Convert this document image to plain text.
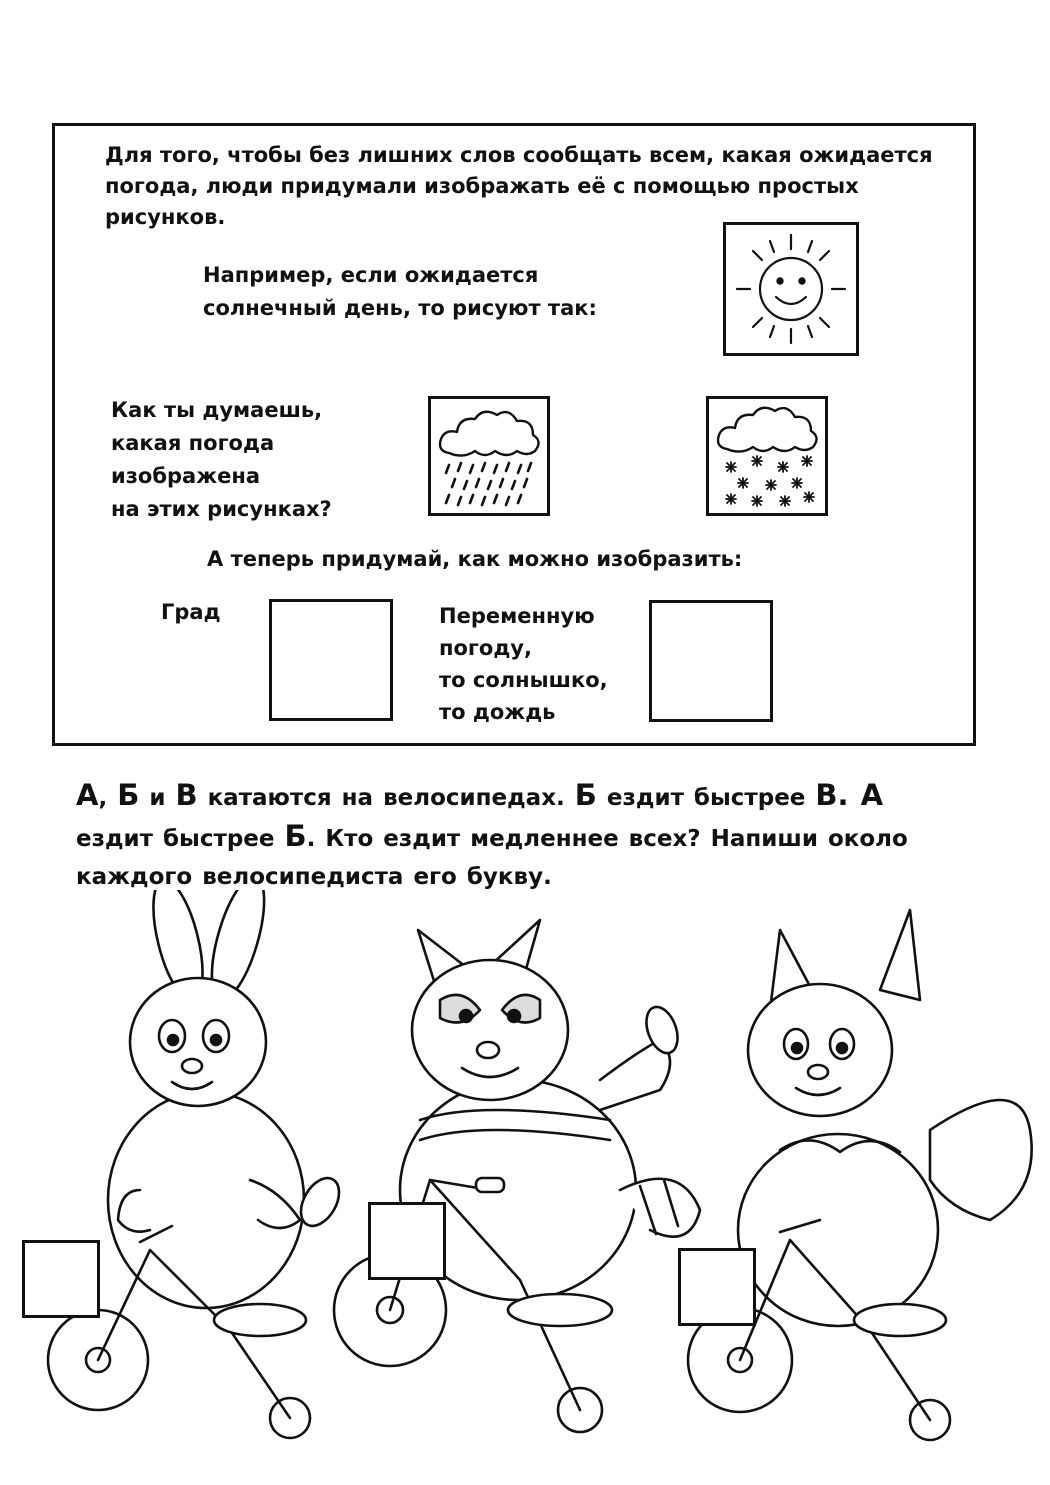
Для того, чтобы без лишних слов сообщать всем, какая ожидается погода, люди придумали изображать её с помощью простых рисунков.
Например, если ожидается
солнечный день, то рисуют так:
Как ты думаешь,
какая погода
изображена
на этих рисунках?
А теперь придумай, как можно изобразить:
Град	Переменную
погоду,
то солнышко,
то дождь
А, Б и В катаются на велосипедах. Б ездит быстрее В. А ездит быстрее Б. Кто ездит медленнее всех? Напиши около каждого велосипедиста его букву.
